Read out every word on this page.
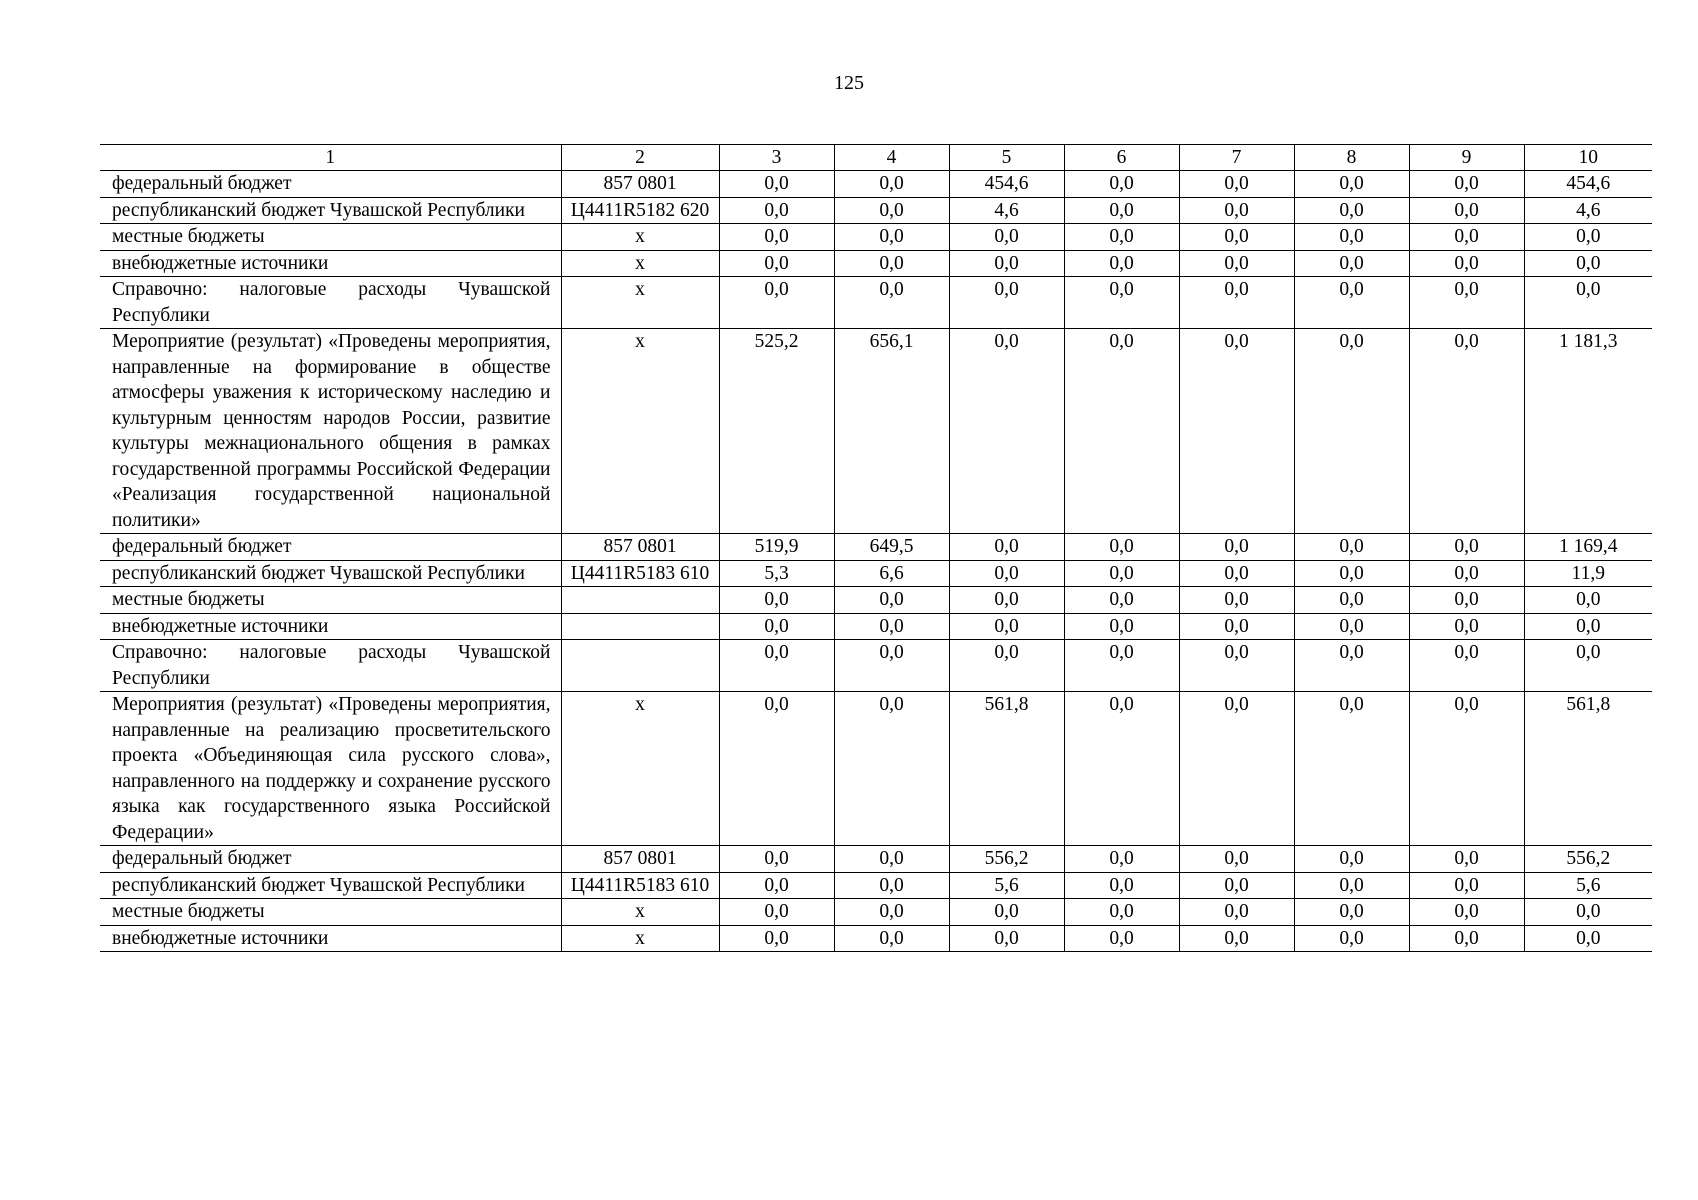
125
1	2	3	4	5	6	7	8	9	10
федеральный бюджет	857 0801	0,0	0,0	454,6	0,0	0,0	0,0	0,0	454,6
республиканский бюджет Чувашской Республики	Ц4411R5182 620	0,0	0,0	4,6	0,0	0,0	0,0	0,0	4,6
местные бюджеты	x	0,0	0,0	0,0	0,0	0,0	0,0	0,0	0,0
внебюджетные источники	x	0,0	0,0	0,0	0,0	0,0	0,0	0,0	0,0
Справочно: налоговые расходы Чувашской Республики	x	0,0	0,0	0,0	0,0	0,0	0,0	0,0	0,0
Мероприятие (результат) «Проведены мероприятия, направленные на формирование в обществе атмосферы уважения к историческому наследию и культурным ценностям народов России, развитие культуры межнационального общения в рамках государственной программы Российской Федерации «Реализация государственной национальной политики»	x	525,2	656,1	0,0	0,0	0,0	0,0	0,0	1 181,3
федеральный бюджет	857 0801	519,9	649,5	0,0	0,0	0,0	0,0	0,0	1 169,4
республиканский бюджет Чувашской Республики	Ц4411R5183 610	5,3	6,6	0,0	0,0	0,0	0,0	0,0	11,9
местные бюджеты		0,0	0,0	0,0	0,0	0,0	0,0	0,0	0,0
внебюджетные источники		0,0	0,0	0,0	0,0	0,0	0,0	0,0	0,0
Справочно: налоговые расходы Чувашской Республики		0,0	0,0	0,0	0,0	0,0	0,0	0,0	0,0
Мероприятия (результат) «Проведены мероприятия, направленные на реализацию просветительского проекта «Объединяющая сила русского слова», направленного на поддержку и сохранение русского языка как государственного языка Российской Федерации»	x	0,0	0,0	561,8	0,0	0,0	0,0	0,0	561,8
федеральный бюджет	857 0801	0,0	0,0	556,2	0,0	0,0	0,0	0,0	556,2
республиканский бюджет Чувашской Республики	Ц4411R5183 610	0,0	0,0	5,6	0,0	0,0	0,0	0,0	5,6
местные бюджеты	x	0,0	0,0	0,0	0,0	0,0	0,0	0,0	0,0
внебюджетные источники	x	0,0	0,0	0,0	0,0	0,0	0,0	0,0	0,0
